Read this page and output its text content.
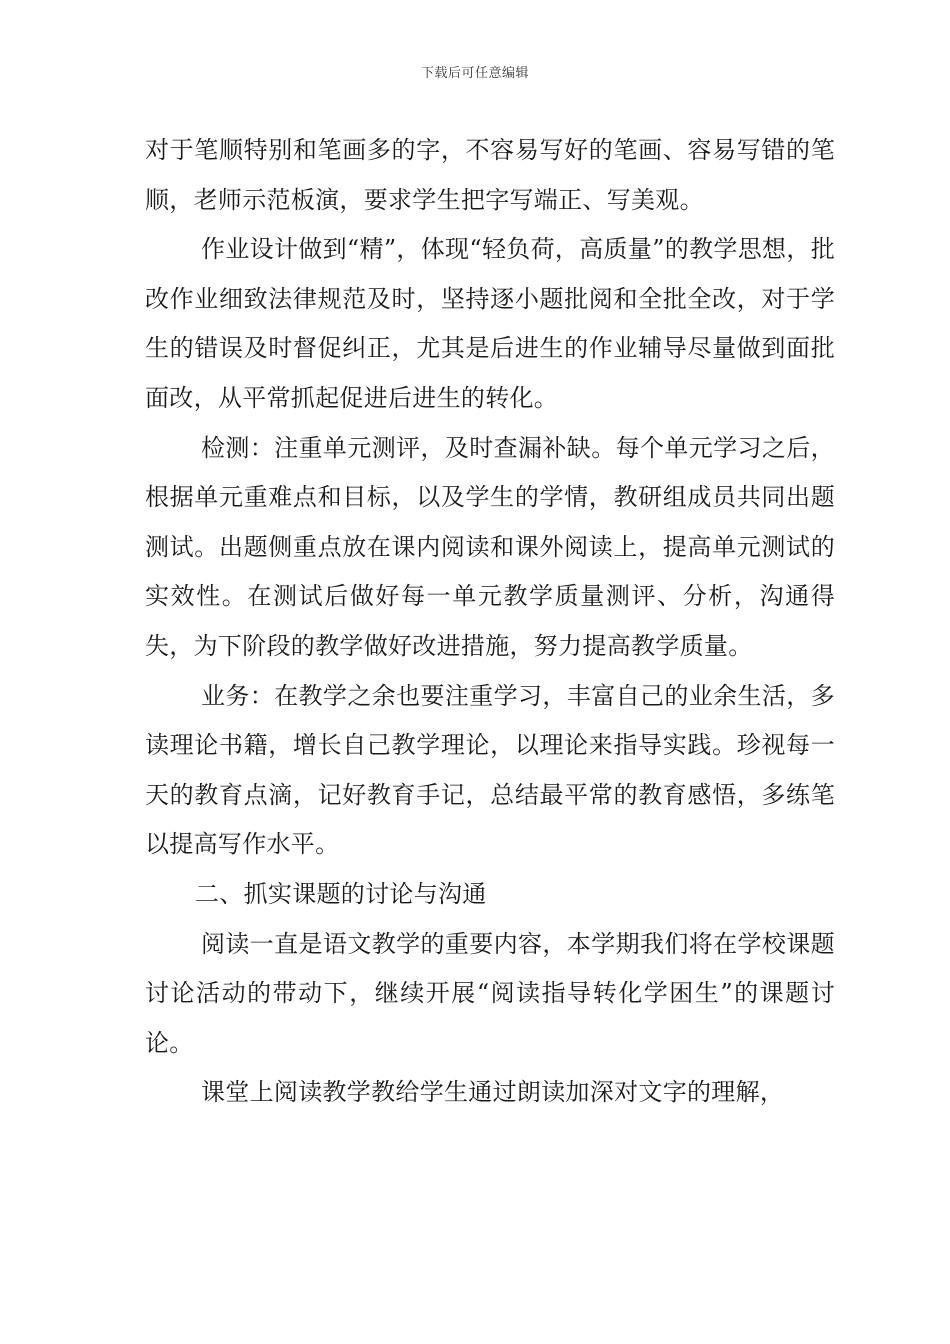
下载后可任意编辑

对于笔顺特别和笔画多的字，不容易写好的笔画、容易写错的笔顺，老师示范板演，要求学生把字写端正、写美观。

作业设计做到“精”，体现“轻负荷，高质量”的教学思想，批改作业细致法律规范及时，坚持逐小题批阅和全批全改，对于学生的错误及时督促纠正，尤其是后进生的作业辅导尽量做到面批面改，从平常抓起促进后进生的转化。

检测：注重单元测评，及时查漏补缺。每个单元学习之后，根据单元重难点和目标，以及学生的学情，教研组成员共同出题测试。出题侧重点放在课内阅读和课外阅读上，提高单元测试的实效性。在测试后做好每一单元教学质量测评、分析，沟通得失，为下阶段的教学做好改进措施，努力提高教学质量。

业务：在教学之余也要注重学习，丰富自己的业余生活，多读理论书籍，增长自己教学理论，以理论来指导实践。珍视每一天的教育点滴，记好教育手记，总结最平常的教育感悟，多练笔以提高写作水平。

二、抓实课题的讨论与沟通

阅读一直是语文教学的重要内容，本学期我们将在学校课题讨论活动的带动下，继续开展“阅读指导转化学困生”的课题讨论。

课堂上阅读教学教给学生通过朗读加深对文字的理解，
